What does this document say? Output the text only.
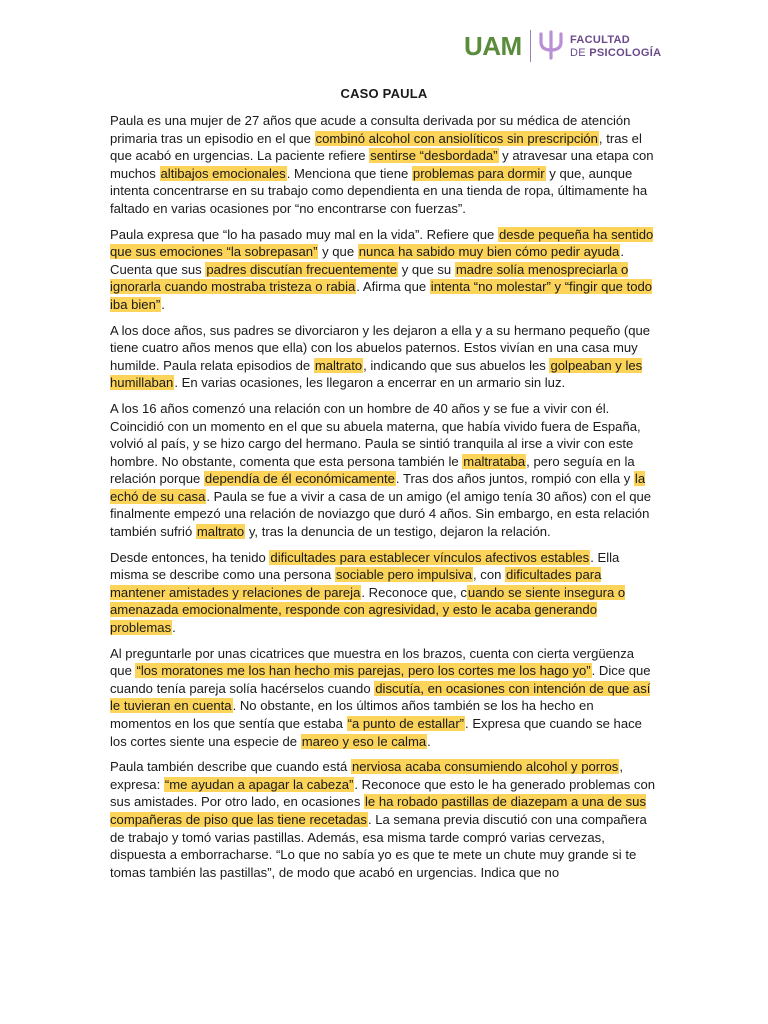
UAM	FACULTAD
DE PSICOLOGÍA
CASO PAULA

Paula es una mujer de 27 años que acude a consulta derivada por su médica de atención primaria tras un episodio en el que combinó alcohol con ansiolíticos sin prescripción, tras el que acabó en urgencias. La paciente refiere sentirse “desbordada” y atravesar una etapa con muchos altibajos emocionales. Menciona que tiene problemas para dormir y que, aunque intenta concentrarse en su trabajo como dependienta en una tienda de ropa, últimamente ha faltado en varias ocasiones por “no encontrarse con fuerzas”.

Paula expresa que “lo ha pasado muy mal en la vida”. Refiere que desde pequeña ha sentido que sus emociones “la sobrepasan” y que nunca ha sabido muy bien cómo pedir ayuda. Cuenta que sus padres discutían frecuentemente y que su madre solía menospreciarla o ignorarla cuando mostraba tristeza o rabia. Afirma que intenta “no molestar” y “fingir que todo iba bien”.

A los doce años, sus padres se divorciaron y les dejaron a ella y a su hermano pequeño (que tiene cuatro años menos que ella) con los abuelos paternos. Estos vivían en una casa muy humilde. Paula relata episodios de maltrato, indicando que sus abuelos les golpeaban y les humillaban. En varias ocasiones, les llegaron a encerrar en un armario sin luz.

A los 16 años comenzó una relación con un hombre de 40 años y se fue a vivir con él. Coincidió con un momento en el que su abuela materna, que había vivido fuera de España, volvió al país, y se hizo cargo del hermano. Paula se sintió tranquila al irse a vivir con este hombre. No obstante, comenta que esta persona también le maltrataba, pero seguía en la relación porque dependía de él económicamente. Tras dos años juntos, rompió con ella y la echó de su casa. Paula se fue a vivir a casa de un amigo (el amigo tenía 30 años) con el que finalmente empezó una relación de noviazgo que duró 4 años. Sin embargo, en esta relación también sufrió maltrato y, tras la denuncia de un testigo, dejaron la relación.

Desde entonces, ha tenido dificultades para establecer vínculos afectivos estables. Ella misma se describe como una persona sociable pero impulsiva, con dificultades para mantener amistades y relaciones de pareja. Reconoce que, cuando se siente insegura o amenazada emocionalmente, responde con agresividad, y esto le acaba generando problemas.

Al preguntarle por unas cicatrices que muestra en los brazos, cuenta con cierta vergüenza que “los moratones me los han hecho mis parejas, pero los cortes me los hago yo”. Dice que cuando tenía pareja solía hacérselos cuando discutía, en ocasiones con intención de que así le tuvieran en cuenta. No obstante, en los últimos años también se los ha hecho en momentos en los que sentía que estaba “a punto de estallar”. Expresa que cuando se hace los cortes siente una especie de mareo y eso le calma.

Paula también describe que cuando está nerviosa acaba consumiendo alcohol y porros, expresa: “me ayudan a apagar la cabeza”. Reconoce que esto le ha generado problemas con sus amistades. Por otro lado, en ocasiones le ha robado pastillas de diazepam a una de sus compañeras de piso que las tiene recetadas. La semana previa discutió con una compañera de trabajo y tomó varias pastillas. Además, esa misma tarde compró varias cervezas, dispuesta a emborracharse. “Lo que no sabía yo es que te mete un chute muy grande si te tomas también las pastillas”, de modo que acabó en urgencias. Indica que no
